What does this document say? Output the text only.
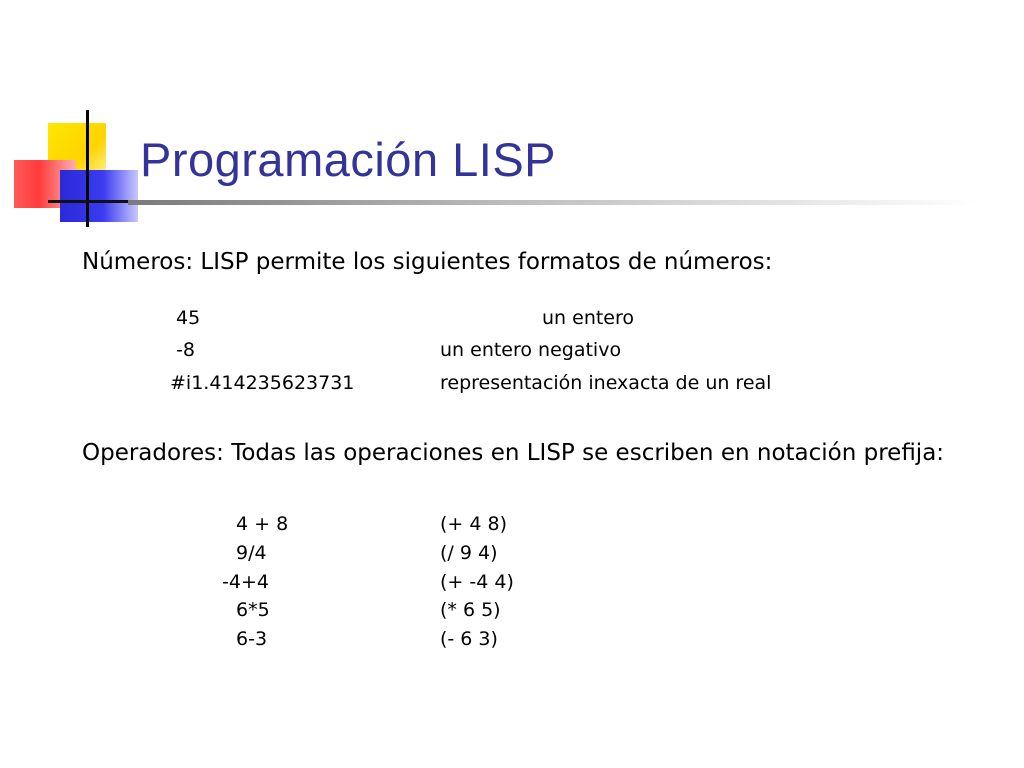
Programación LISP

Números: LISP permite los siguientes formatos de números:

45	un entero
-8	un entero negativo
#i1.414235623731	representación inexacta de un real

Operadores: Todas las operaciones en LISP se escriben en notación prefija:

4 + 8	(+ 4 8)
9/4	(/ 9 4)
-4+4	(+ -4 4)
6*5	(* 6 5)
6-3	(- 6 3)
